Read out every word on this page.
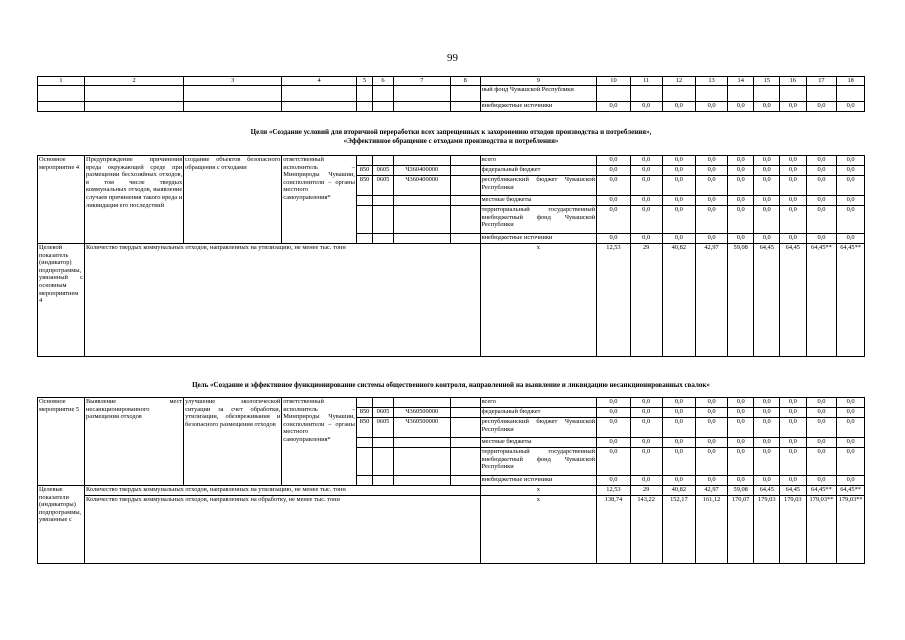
99
1	2	3	4	5	6	7	8	9	10	11	12	13	14	15	16	17	18
								ный фонд Чувашской Республики									
								внебюджетные источники	0,0	0,0	0,0	0,0	0,0	0,0	0,0	0,0	0,0
Цели «Создание условий для вторичной переработки всех запрещенных к захоронению отходов производства и потребления»,
«Эффективное обращение с отходами производства и потребления»
Основное мероприятие 4	Предупреждение причинения вреда окружающей среде при размещении бесхозяйных отходов, в том числе твердых коммунальных отходов, выявление случаев причинения такого вреда и ликвидация его последствий	создание объектов безопасного обращения с отходами	ответственный исполнитель – Минприроды Чувашии, соисполнители – органы местного самоуправления*					всего	0,0	0,0	0,0	0,0	0,0	0,0	0,0	0,0	0,0
				850	0605	Ч360400000		федеральный бюджет	0,0	0,0	0,0	0,0	0,0	0,0	0,0	0,0	0,0
				850	0605	Ч360400000		республиканский бюджет Чувашской Республики	0,0	0,0	0,0	0,0	0,0	0,0	0,0	0,0	0,0
								местные бюджеты	0,0	0,0	0,0	0,0	0,0	0,0	0,0	0,0	0,0
								территориальный государственный внебюджетный фонд Чувашской Республики	0,0	0,0	0,0	0,0	0,0	0,0	0,0	0,0	0,0
								внебюджетные источники	0,0	0,0	0,0	0,0	0,0	0,0	0,0	0,0	0,0
Целевой показатель (индикатор) подпрограммы, увязанный с основным мероприятием 4	Количество твердых коммунальных отходов, направленных на утилизацию, не менее тыс. тонн							x	12,53	29	40,82	42,97	59,08	64,45	64,45	64,45**	64,45**
Цель «Создание и эффективное функционирование системы общественного контроля, направленной на выявление и ликвидацию несанкционированных свалок»
Основное мероприятие 5	Выявление мест несанкционированного размещения отходов	улучшение экологической ситуации за счет обработки, утилизации, обезвреживания и безопасного размещения отходов	ответственный исполнитель – Минприроды Чувашии, соисполнители – органы местного самоуправления*					всего	0,0	0,0	0,0	0,0	0,0	0,0	0,0	0,0	0,0
				850	0605	Ч360500000		федеральный бюджет	0,0	0,0	0,0	0,0	0,0	0,0	0,0	0,0	0,0
				850	0605	Ч360500000		республиканский бюджет Чувашской Республики	0,0	0,0	0,0	0,0	0,0	0,0	0,0	0,0	0,0
								местные бюджеты	0,0	0,0	0,0	0,0	0,0	0,0	0,0	0,0	0,0
								территориальный государственный внебюджетный фонд Чувашской Республики	0,0	0,0	0,0	0,0	0,0	0,0	0,0	0,0	0,0
								внебюджетные источники	0,0	0,0	0,0	0,0	0,0	0,0	0,0	0,0	0,0
Целевые показатели (индикаторы) подпрограммы, увязанные с	Количество твердых коммунальных отходов, направленных на утилизацию, не менее тыс. тонн							x	12,53	29	40,82	42,97	59,08	64,45	64,45	64,45**	64,45**
	Количество твердых коммунальных отходов, направленных на обработку, не менее тыс. тонн							x	138,74	143,22	152,17	161,12	170,07	179,03	179,03	179,03**	179,03**
